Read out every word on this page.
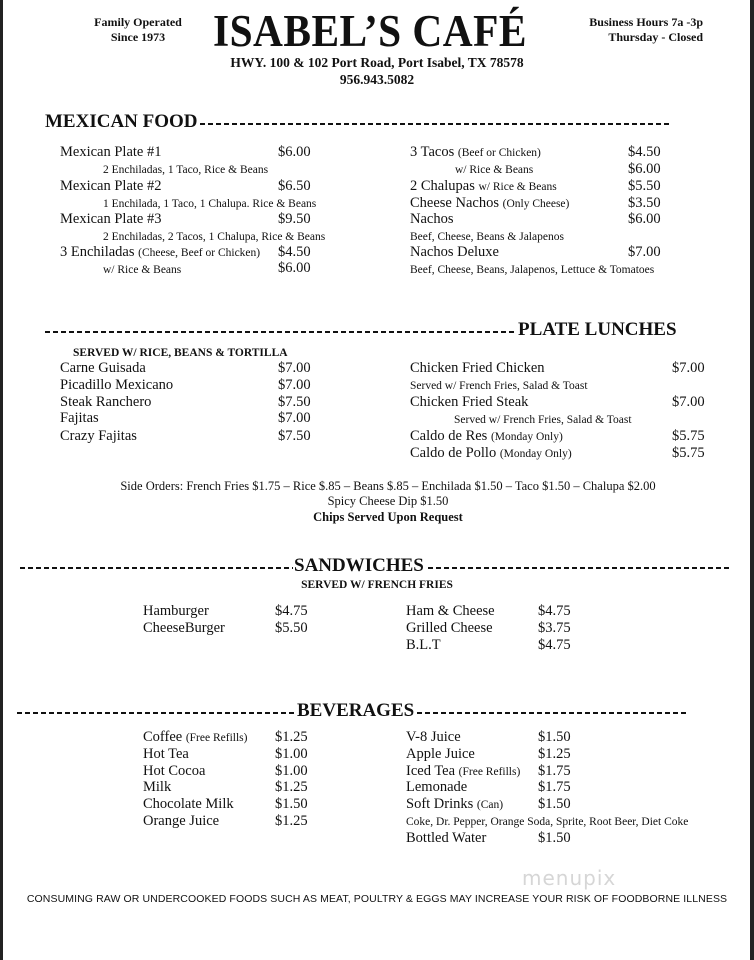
Family Operated
Since 1973	ISABEL’S CAFÉ	Business Hours 7a -3p
Thursday - Closed
HWY. 100 & 102 Port Road, Port Isabel, TX 78578
956.943.5082
MEXICAN FOOD
Mexican Plate #1	$6.00
2 Enchiladas, 1 Taco, Rice & Beans
Mexican Plate #2	$6.50
1 Enchilada, 1 Taco, 1 Chalupa. Rice & Beans
Mexican Plate #3	$9.50
2 Enchiladas, 2 Tacos, 1 Chalupa, Rice & Beans
3 Enchiladas (Cheese, Beef or Chicken) $4.50
w/ Rice & Beans	$6.00
3 Tacos (Beef or Chicken)	$4.50
w/ Rice & Beans	$6.00
2 Chalupas w/ Rice & Beans	$5.50
Cheese Nachos (Only Cheese)	$3.50
Nachos	$6.00
Beef, Cheese, Beans & Jalapenos
Nachos Deluxe	$7.00
Beef, Cheese, Beans, Jalapenos, Lettuce & Tomatoes
PLATE LUNCHES
SERVED W/ RICE, BEANS & TORTILLA
Carne Guisada	$7.00
Picadillo Mexicano	$7.00
Steak Ranchero	$7.50
Fajitas	$7.00
Crazy Fajitas	$7.50
Chicken Fried Chicken	$7.00
Served w/ French Fries, Salad & Toast
Chicken Fried Steak	$7.00
Served w/ French Fries, Salad & Toast
Caldo de Res (Monday Only)	$5.75
Caldo de Pollo (Monday Only)	$5.75
Side Orders: French Fries $1.75 – Rice $.85 – Beans $.85 – Enchilada $1.50 – Taco $1.50 – Chalupa $2.00
Spicy Cheese Dip $1.50
Chips Served Upon Request
SANDWICHES
SERVED W/ FRENCH FRIES
Hamburger	$4.75
CheeseBurger	$5.50
Ham & Cheese	$4.75
Grilled Cheese	$3.75
B.L.T	$4.75
BEVERAGES
Coffee (Free Refills) $1.25
Hot Tea	$1.00
Hot Cocoa	$1.00
Milk	$1.25
Chocolate Milk	$1.50
Orange Juice	$1.25
V-8 Juice	$1.50
Apple Juice	$1.25
Iced Tea (Free Refills) $1.75
Lemonade	$1.75
Soft Drinks (Can) $1.50
Coke, Dr. Pepper, Orange Soda, Sprite, Root Beer, Diet Coke
Bottled Water	$1.50
menupix
CONSUMING RAW OR UNDERCOOKED FOODS SUCH AS MEAT, POULTRY & EGGS MAY INCREASE YOUR RISK OF FOODBORNE ILLNESS
